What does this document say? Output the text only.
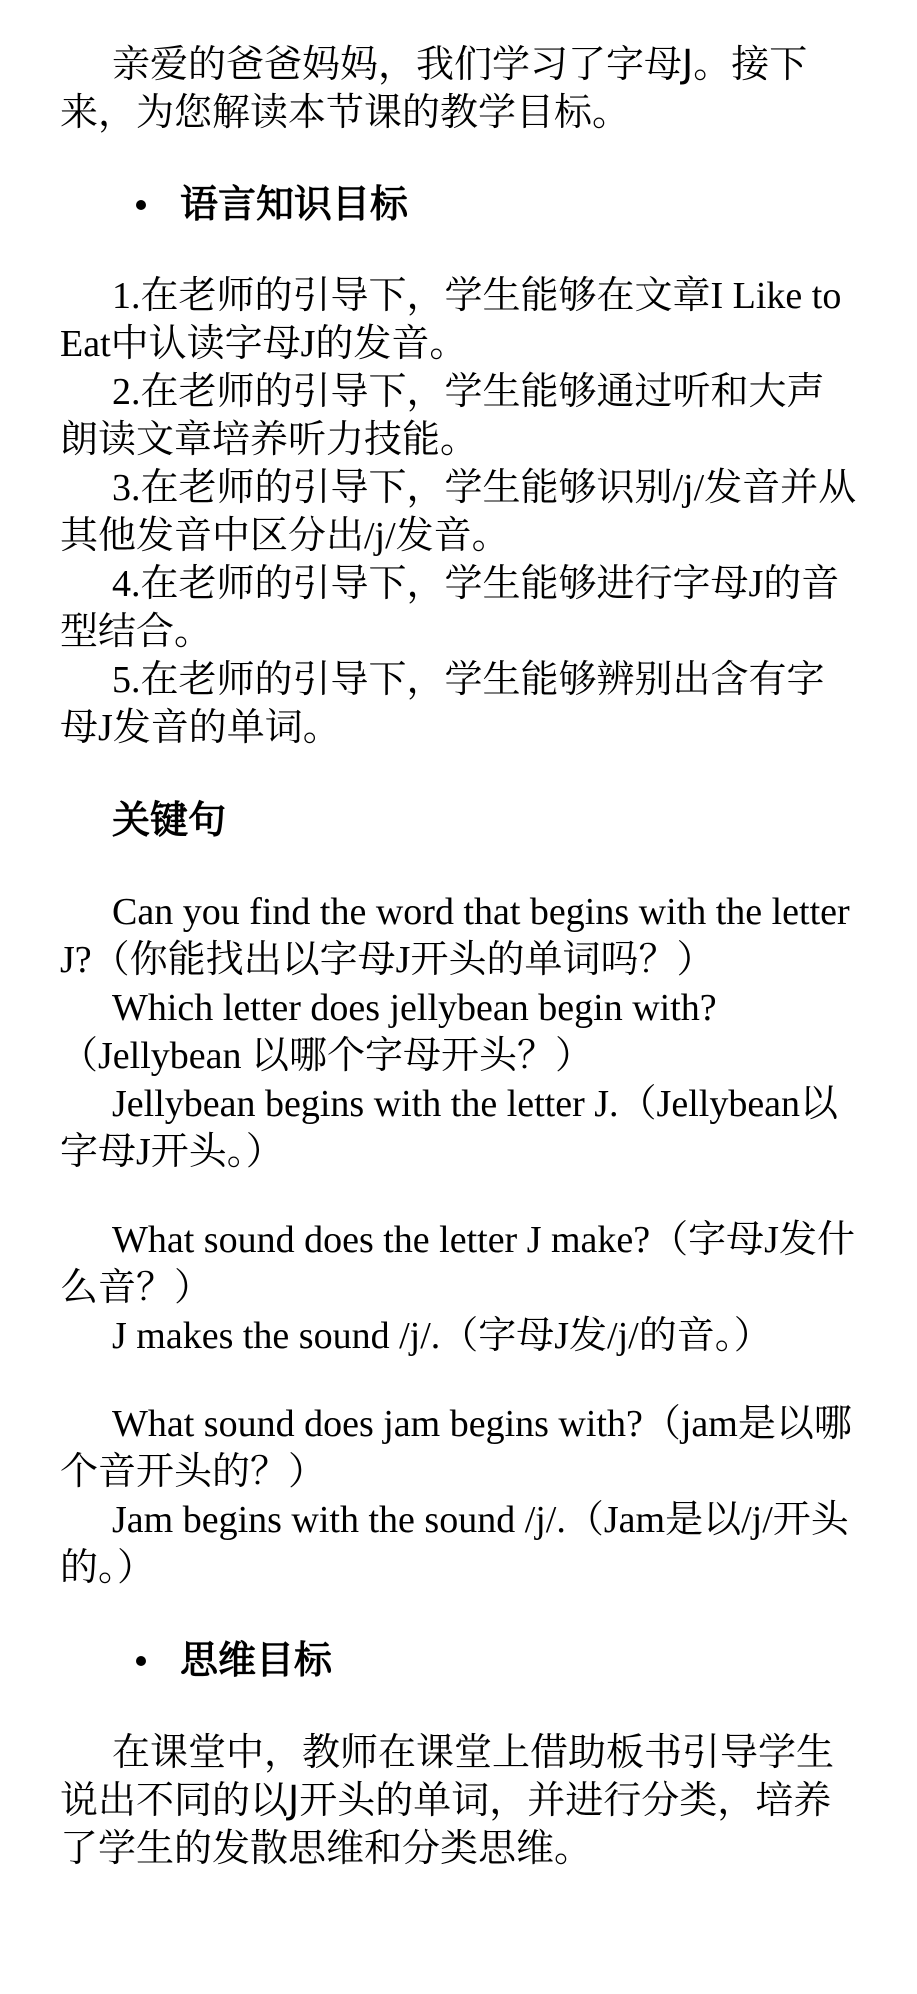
亲爱的爸爸妈妈，我们学习了字母J。接下来，为您解读本节课的教学目标。

语言知识目标

1.在老师的引导下，学生能够在文章I Like to Eat中认读字母J的发音。

2.在老师的引导下，学生能够通过听和大声朗读文章培养听力技能。

3.在老师的引导下，学生能够识别/j/发音并从其他发音中区分出/j/发音。

4.在老师的引导下，学生能够进行字母J的音型结合。

5.在老师的引导下，学生能够辨别出含有字母J发音的单词。

关键句

Can you find the word that begins with the letter J?（你能找出以字母J开头的单词吗？）

Which letter does jellybean begin with?（Jellybean 以哪个字母开头？）

Jellybean begins with the letter J.（Jellybean以字母J开头。）

What sound does the letter J make?（字母J发什么音？）

J makes the sound /j/.（字母J发/j/的音。）

What sound does jam begins with?（jam是以哪个音开头的？）

Jam begins with the sound /j/.（Jam是以/j/开头的。）

思维目标

在课堂中，教师在课堂上借助板书引导学生说出不同的以J开头的单词，并进行分类，培养了学生的发散思维和分类思维。
